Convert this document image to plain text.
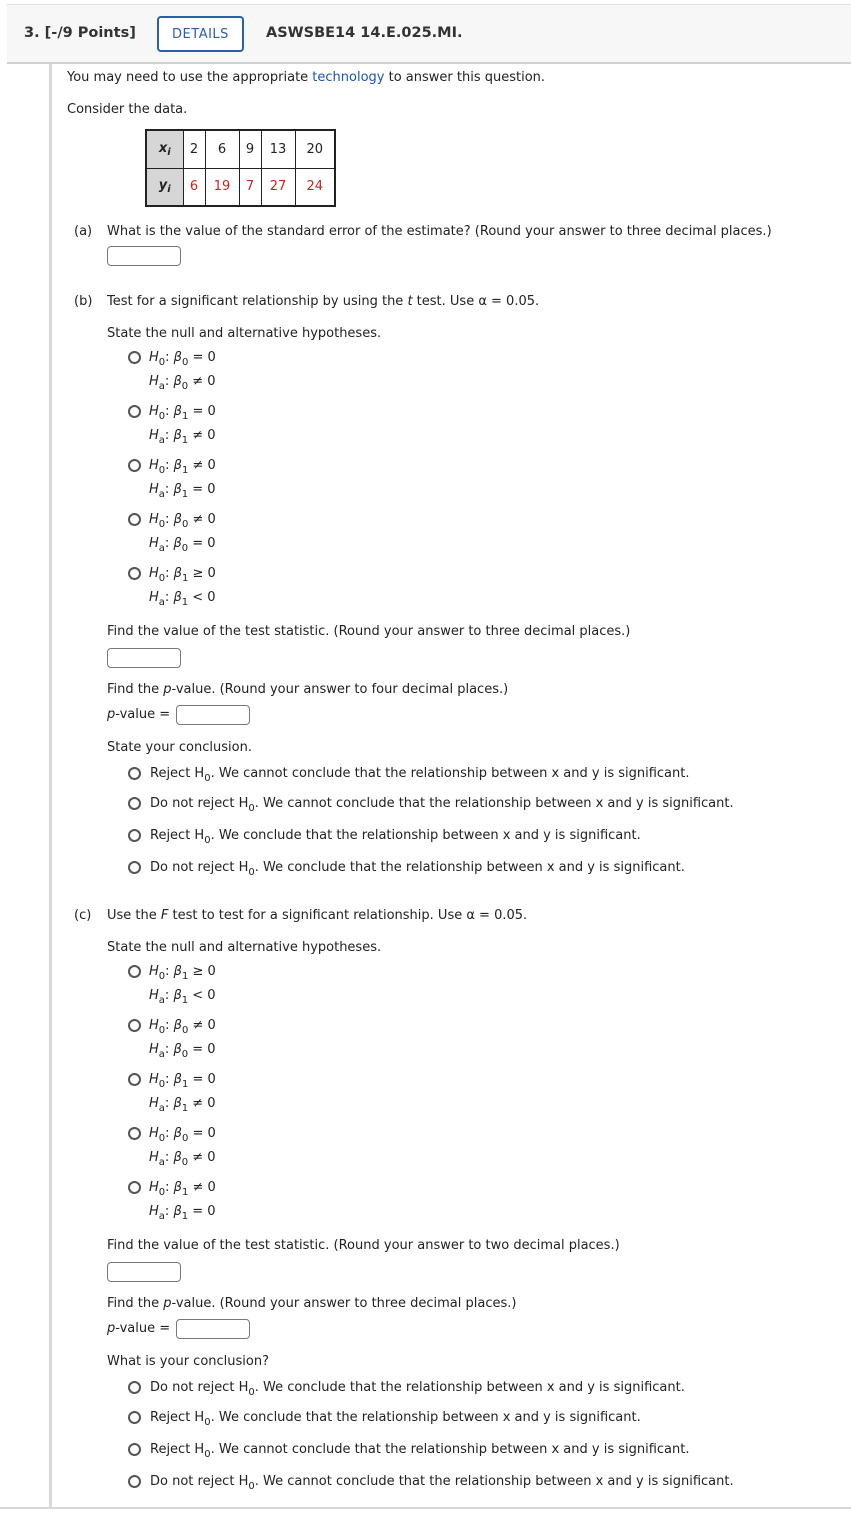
3. [-/9 Points]	DETAILS	ASWSBE14 14.E.025.MI.
You may need to use the appropriate technology to answer this question.
Consider the data.
$x_i$	2	6	9	13	20
$y_i$	6	19	7	27	24
(a) What is the value of the standard error of the estimate? (Round your answer to three decimal places.)
(b) Test for a significant relationship by using the t test. Use α = 0.05.
State the null and alternative hypotheses.
$H_0$: $\beta_0 = 0$
$H_a$: $\beta_0 \ne 0$
$H_0$: $\beta_1 = 0$
$H_a$: $\beta_1 \ne 0$
$H_0$: $\beta_1 \ne 0$
$H_a$: $\beta_1 = 0$
$H_0$: $\beta_0 \ne 0$
$H_a$: $\beta_0 = 0$
$H_0$: $\beta_1 \ge 0$
$H_a$: $\beta_1 < 0$
Find the value of the test statistic. (Round your answer to three decimal places.)
Find the p-value. (Round your answer to four decimal places.)
p-value =
State your conclusion.
Reject $H_0$. We cannot conclude that the relationship between x and y is significant.
Do not reject $H_0$. We cannot conclude that the relationship between x and y is significant.
Reject $H_0$. We conclude that the relationship between x and y is significant.
Do not reject $H_0$. We conclude that the relationship between x and y is significant.
(c) Use the F test to test for a significant relationship. Use α = 0.05.
State the null and alternative hypotheses.
$H_0$: $\beta_1 \ge 0$
$H_a$: $\beta_1 < 0$
$H_0$: $\beta_0 \ne 0$
$H_a$: $\beta_0 = 0$
$H_0$: $\beta_1 = 0$
$H_a$: $\beta_1 \ne 0$
$H_0$: $\beta_0 = 0$
$H_a$: $\beta_0 \ne 0$
$H_0$: $\beta_1 \ne 0$
$H_a$: $\beta_1 = 0$
Find the value of the test statistic. (Round your answer to two decimal places.)
Find the p-value. (Round your answer to three decimal places.)
p-value =
What is your conclusion?
Do not reject $H_0$. We conclude that the relationship between x and y is significant.
Reject $H_0$. We conclude that the relationship between x and y is significant.
Reject $H_0$. We cannot conclude that the relationship between x and y is significant.
Do not reject $H_0$. We cannot conclude that the relationship between x and y is significant.
